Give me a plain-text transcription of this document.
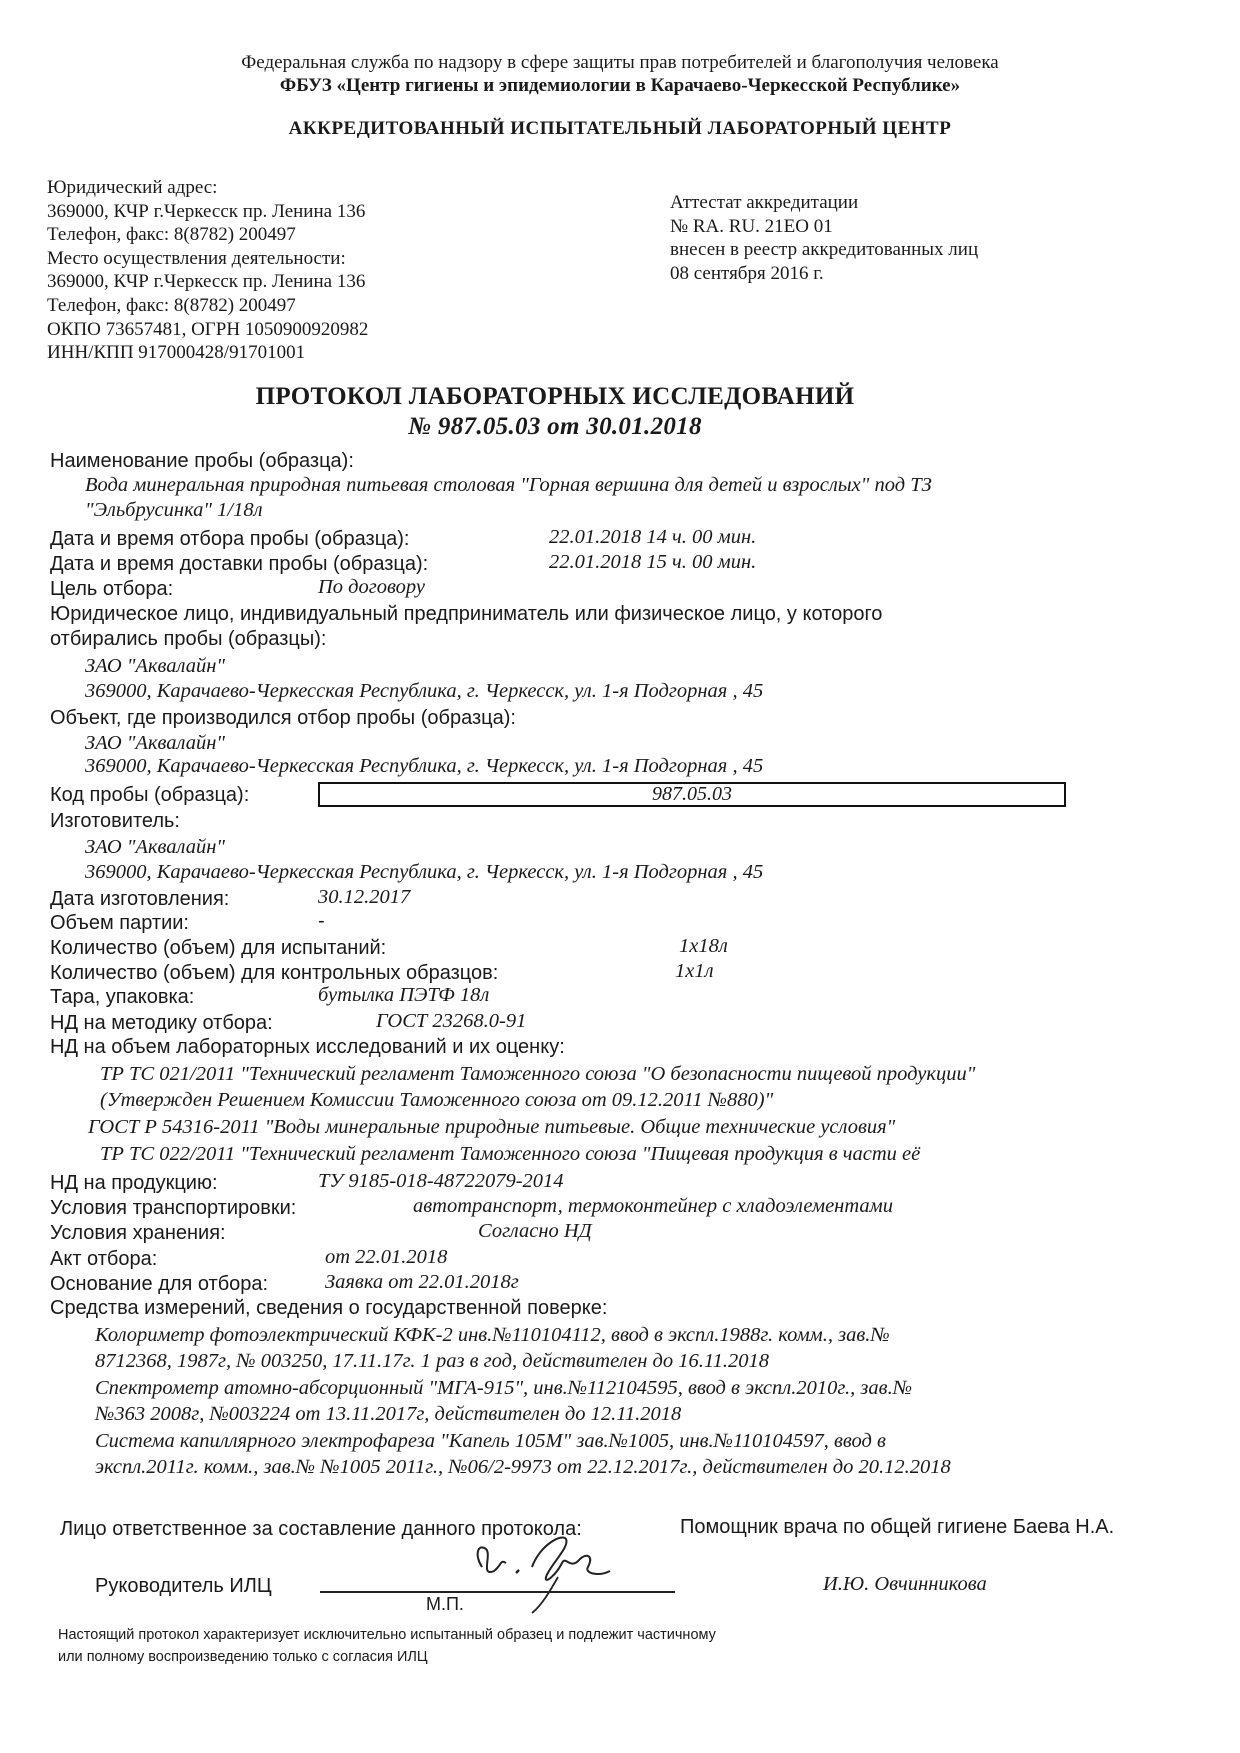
Федеральная служба по надзору в сфере защиты прав потребителей и благополучия человека
ФБУЗ «Центр гигиены и эпидемиологии в Карачаево-Черкесской Республике»
АККРЕДИТОВАННЫЙ ИСПЫТАТЕЛЬНЫЙ ЛАБОРАТОРНЫЙ ЦЕНТР
Юридический адрес:
369000, КЧР г.Черкесск пр. Ленина 136
Телефон, факс: 8(8782) 200497
Место осуществления деятельности:
369000, КЧР г.Черкесск пр. Ленина 136
Телефон, факс: 8(8782) 200497
ОКПО 73657481, ОГРН 1050900920982
ИНН/КПП 917000428/91701001
Аттестат аккредитации
№ RA. RU. 21ЕО 01
внесен в реестр аккредитованных лиц
08 сентября 2016 г.
ПРОТОКОЛ ЛАБОРАТОРНЫХ ИССЛЕДОВАНИЙ
№ 987.05.03 от 30.01.2018
Наименование пробы (образца):
Вода минеральная природная питьевая столовая "Горная вершина для детей и взрослых" под ТЗ
"Эльбрусинка" 1/18л
Дата и время отбора пробы (образца):	22.01.2018 14 ч. 00 мин.
Дата и время доставки пробы (образца):	22.01.2018 15 ч. 00 мин.
Цель отбора:	По договору
Юридическое лицо, индивидуальный предприниматель или физическое лицо, у которого
отбирались пробы (образцы):
ЗАО "Аквалайн"
369000, Карачаево-Черкесская Республика, г. Черкесск, ул. 1-я Подгорная , 45
Объект, где производился отбор пробы (образца):
ЗАО "Аквалайн"
369000, Карачаево-Черкесская Республика, г. Черкесск, ул. 1-я Подгорная , 45
Код пробы (образца):	987.05.03
Изготовитель:
ЗАО "Аквалайн"
369000, Карачаево-Черкесская Республика, г. Черкесск, ул. 1-я Подгорная , 45
Дата изготовления:	30.12.2017
Объем партии:	-
Количество (объем) для испытаний:	1х18л
Количество (объем) для контрольных образцов:	1х1л
Тара, упаковка:	бутылка ПЭТФ 18л
НД на методику отбора:	ГОСТ 23268.0-91
НД на объем лабораторных исследований и их оценку:
ТР ТС 021/2011 "Технический регламент Таможенного союза "О безопасности пищевой продукции"
(Утвержден Решением Комиссии Таможенного союза от 09.12.2011 №880)"
ГОСТ Р 54316-2011 "Воды минеральные природные питьевые. Общие технические условия"
ТР ТС 022/2011 "Технический регламент Таможенного союза "Пищевая продукция в части её
НД на продукцию:	ТУ 9185-018-48722079-2014
Условия транспортировки:	автотранспорт, термоконтейнер с хладоэлементами
Условия хранения:	Согласно НД
Акт отбора:	от 22.01.2018
Основание для отбора:	Заявка от 22.01.2018г
Средства измерений, сведения о государственной поверке:
Колориметр фотоэлектрический КФК-2 инв.№110104112, ввод в экспл.1988г. комм., зав.№
8712368, 1987г, № 003250, 17.11.17г. 1 раз в год, действителен до 16.11.2018
Спектрометр атомно-абсорционный "МГА-915", инв.№112104595, ввод в экспл.2010г., зав.№
№363 2008г, №003224 от 13.11.2017г, действителен до 12.11.2018
Система капиллярного электрофареза "Капель 105М" зав.№1005, инв.№110104597, ввод в
экспл.2011г. комм., зав.№ №1005 2011г., №06/2-9973 от 22.12.2017г., действителен до 20.12.2018
Лицо ответственное за составление данного протокола:	Помощник врача по общей гигиене Баева Н.А.
Руководитель ИЛЦ
М.П.
И.Ю. Овчинникова
Настоящий протокол характеризует исключительно испытанный образец и подлежит частичному
или полному воспроизведению только с согласия ИЛЦ
